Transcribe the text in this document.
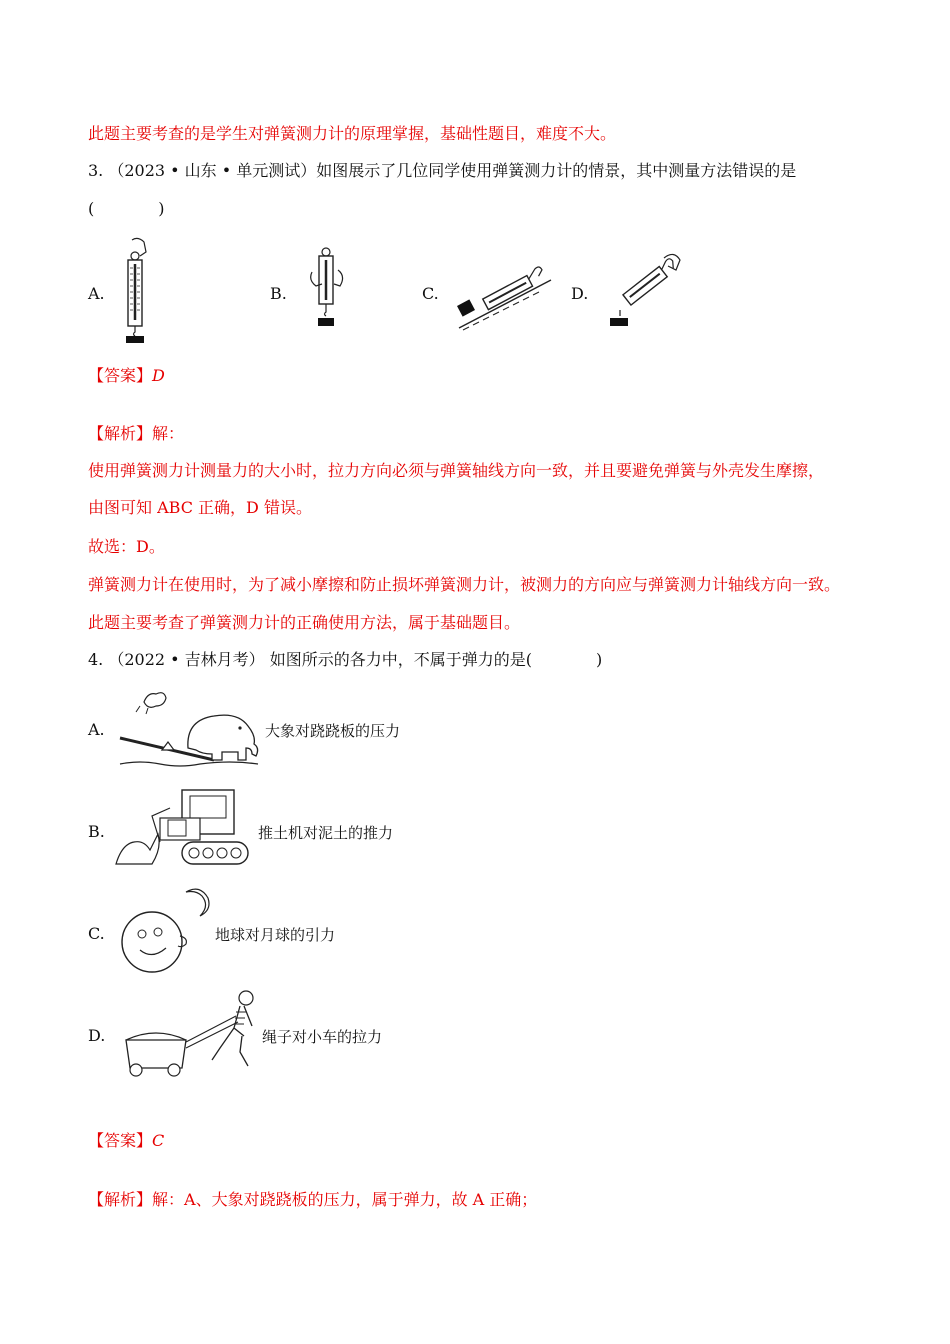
此题主要考查的是学生对弹簧测力计的原理掌握，基础性题目，难度不大。
3. （2023 • 山东 • 单元测试）如图展示了几位同学使用弹簧测力计的情景，其中测量方法错误的是
(　　　　)
A.	B.	C.	D.
【答案】D
【解析】解：
使用弹簧测力计测量力的大小时，拉力方向必须与弹簧轴线方向一致，并且要避免弹簧与外壳发生摩擦，
由图可知 ABC 正确，D 错误。
故选：D。
弹簧测力计在使用时，为了减小摩擦和防止损坏弹簧测力计，被测力的方向应与弹簧测力计轴线方向一致。
此题主要考查了弹簧测力计的正确使用方法，属于基础题目。
4. （2022 • 吉林月考） 如图所示的各力中，不属于弹力的是(　　　　)
A.	大象对跷跷板的压力
B.	推土机对泥土的推力
C.	地球对月球的引力
D.	绳子对小车的拉力
【答案】C
【解析】解：A、大象对跷跷板的压力，属于弹力，故 A 正确；
